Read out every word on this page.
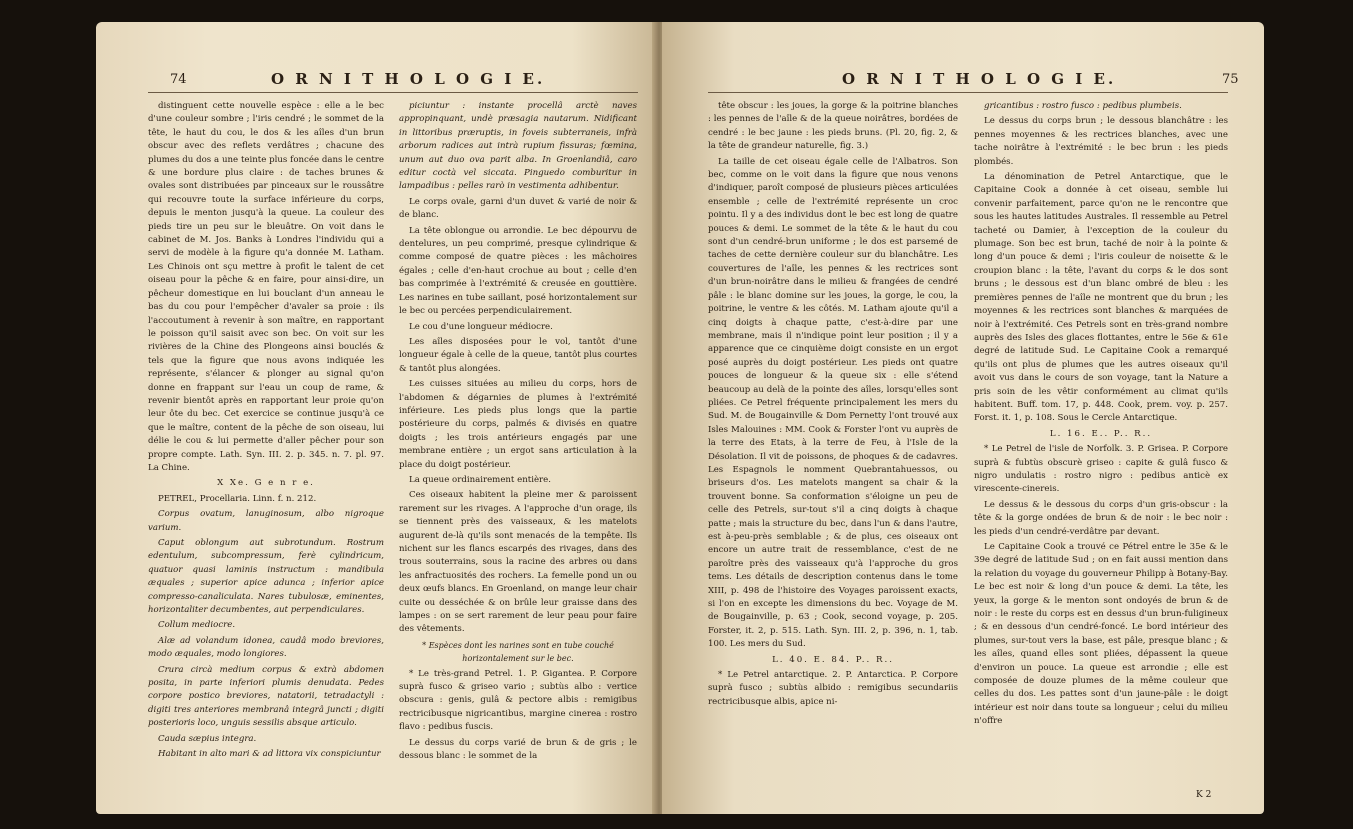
74	O R N I T H O L O G I E.

distinguent cette nouvelle espèce : elle a le bec d'une couleur sombre ; l'iris cendré ; le sommet de la tête, le haut du cou, le dos & les aîles d'un brun obscur avec des reflets verdâtres ; chacune des plumes du dos a une teinte plus foncée dans le centre & une bordure plus claire : de taches brunes & ovales sont distribuées par pinceaux sur le roussâtre qui recouvre toute la surface inférieure du corps, depuis le menton jusqu'à la queue. La couleur des pieds tire un peu sur le bleuâtre. On voit dans le cabinet de M. Jos. Banks à Londres l'individu qui a servi de modèle à la figure qu'a donnée M. Latham. Les Chinois ont sçu mettre à profit le talent de cet oiseau pour la pêche & en faire, pour ainsi-dire, un pêcheur domestique en lui bouclant d'un anneau le bas du cou pour l'empêcher d'avaler sa proie : ils l'accoutument à revenir à son maître, en rapportant le poisson qu'il saisit avec son bec. On voit sur les rivières de la Chine des Plongeons ainsi bouclés & tels que la figure que nous avons indiquée les représente, s'élancer & plonger au signal qu'on donne en frappant sur l'eau un coup de rame, & revenir bientôt après en rapportant leur proie qu'on leur ôte du bec. Cet exercice se continue jusqu'à ce que le maître, content de la pêche de son oiseau, lui délie le cou & lui permette d'aller pêcher pour son propre compte. Lath. Syn. III. 2. p. 345. n. 7. pl. 97. La Chine.

X Xe. G e n r e.

PETREL, Procellaria. Linn. f. n. 212.

Corpus ovatum, lanuginosum, albo nigroque varium.

Caput oblongum aut subrotundum. Rostrum edentulum, subcompressum, ferè cylindricum, quatuor quasi laminis instructum : mandibula æquales ; superior apice adunca ; inferior apice compresso-canaliculata. Nares tubulosæ, eminentes, horizontaliter decumbentes, aut perpendiculares.

Collum mediocre.

Alæ ad volandum idonea, caudâ modo breviores, modo æquales, modo longiores.

Crura circà medium corpus & extrà abdomen posita, in parte inferiori plumis denudata. Pedes corpore postico breviores, natatorii, tetradactyli : digiti tres anteriores membranâ integrâ juncti ; digiti posterioris loco, unguis sessilis absque articulo.

Cauda sæpius integra.

Habitant in alto mari & ad littora vix conspiciuntur

piciuntur : instante procellâ arctè naves appropinquant, undè præsagia nautarum. Nidificant in littoribus præruptis, in foveis subterraneis, infrà arborum radices aut intrà rupium fissuras; fœmina, unum aut duo ova parit alba. In Groenlandiâ, caro editur coctà vel siccata. Pinguedo comburitur in lampadibus : pelles rarò in vestimenta adhibentur.

Le corps ovale, garni d'un duvet & varié de noir & de blanc.

La tête oblongue ou arrondie. Le bec dépourvu de dentelures, un peu comprimé, presque cylindrique & comme composé de quatre pièces : les mâchoires égales ; celle d'en-haut crochue au bout ; celle d'en bas comprimée à l'extrémité & creusée en gouttière. Les narines en tube saillant, posé horizontalement sur le bec ou percées perpendiculairement.

Le cou d'une longueur médiocre.

Les aîles disposées pour le vol, tantôt d'une longueur égale à celle de la queue, tantôt plus courtes & tantôt plus alongées.

Les cuisses situées au milieu du corps, hors de l'abdomen & dégarnies de plumes à l'extrémité inférieure. Les pieds plus longs que la partie postérieure du corps, palmés & divisés en quatre doigts ; les trois antérieurs engagés par une membrane entière ; un ergot sans articulation à la place du doigt postérieur.

La queue ordinairement entière.

Ces oiseaux habitent la pleine mer & paroissent rarement sur les rivages. A l'approche d'un orage, ils se tiennent près des vaisseaux, & les matelots augurent de-là qu'ils sont menacés de la tempête. Ils nichent sur les flancs escarpés des rivages, dans des trous souterrains, sous la racine des arbres ou dans les anfractuosités des rochers. La femelle pond un ou deux œufs blancs. En Groenland, on mange leur chair cuite ou desséchée & on brûle leur graisse dans des lampes : on se sert rarement de leur peau pour faire des vêtements.

* Espèces dont les narines sont en tube couché horizontalement sur le bec.

* Le très-grand Petrel. 1. P. Gigantea. P. Corpore suprà fusco & griseo vario ; subtùs albo : vertice obscura : genis, gulâ & pectore albis : remigibus rectricibusque nigricantibus, margine cinerea : rostro flavo : pedibus fuscis.

Le dessus du corps varié de brun & de gris ; le dessous blanc : le sommet de la

O R N I T H O L O G I E.	75

tête obscur : les joues, la gorge & la poitrine blanches : les pennes de l'aîle & de la queue noirâtres, bordées de cendré : le bec jaune : les pieds bruns. (Pl. 20, fig. 2, & la tête de grandeur naturelle, fig. 3.)

La taille de cet oiseau égale celle de l'Albatros. Son bec, comme on le voit dans la figure que nous venons d'indiquer, paroît composé de plusieurs pièces articulées ensemble ; celle de l'extrémité représente un croc pointu. Il y a des individus dont le bec est long de quatre pouces & demi. Le sommet de la tête & le haut du cou sont d'un cendré-brun uniforme ; le dos est parsemé de taches de cette dernière couleur sur du blanchâtre. Les couvertures de l'aîle, les pennes & les rectrices sont d'un brun-noirâtre dans le milieu & frangées de cendré pâle : le blanc domine sur les joues, la gorge, le cou, la poitrine, le ventre & les côtés. M. Latham ajoute qu'il a cinq doigts à chaque patte, c'est-à-dire par une membrane, mais il n'indique point leur position ; il y a apparence que ce cinquième doigt consiste en un ergot posé auprès du doigt postérieur. Les pieds ont quatre pouces de longueur & la queue six : elle s'étend beaucoup au delà de la pointe des aîles, lorsqu'elles sont pliées. Ce Petrel fréquente principalement les mers du Sud. M. de Bougainville & Dom Pernetty l'ont trouvé aux Isles Malouines : MM. Cook & Forster l'ont vu auprès de la terre des Etats, à la terre de Feu, à l'Isle de la Désolation. Il vit de poissons, de phoques & de cadavres. Les Espagnols le nomment Quebrantahuessos, ou briseurs d'os. Les matelots mangent sa chair & la trouvent bonne. Sa conformation s'éloigne un peu de celle des Petrels, sur-tout s'il a cinq doigts à chaque patte ; mais la structure du bec, dans l'un & dans l'autre, est à-peu-près semblable ; & de plus, ces oiseaux ont encore un autre trait de ressemblance, c'est de ne paroître près des vaisseaux qu'à l'approche du gros tems. Les détails de description contenus dans le tome XIII, p. 498 de l'histoire des Voyages paroissent exacts, si l'on en excepte les dimensions du bec. Voyage de M. de Bougainville, p. 63 ; Cook, second voyage, p. 205. Forster, it. 2, p. 515. Lath. Syn. III. 2, p. 396, n. 1, tab. 100. Les mers du Sud.

L. 40. E. 84. P.. R..

* Le Petrel antarctique. 2. P. Antarctica. P. Corpore suprà fusco ; subtùs albido : remigibus secundariis rectricibusque albis, apice ni-

gricantibus : rostro fusco : pedibus plumbeis.

Le dessus du corps brun ; le dessous blanchâtre : les pennes moyennes & les rectrices blanches, avec une tache noirâtre à l'extrémité : le bec brun : les pieds plombés.

La dénomination de Petrel Antarctique, que le Capitaine Cook a donnée à cet oiseau, semble lui convenir parfaitement, parce qu'on ne le rencontre que sous les hautes latitudes Australes. Il ressemble au Petrel tacheté ou Damier, à l'exception de la couleur du plumage. Son bec est brun, taché de noir à la pointe & long d'un pouce & demi ; l'iris couleur de noisette & le croupion blanc : la tête, l'avant du corps & le dos sont bruns ; le dessous est d'un blanc ombré de bleu : les premières pennes de l'aîle ne montrent que du brun ; les moyennes & les rectrices sont blanches & marquées de noir à l'extrémité. Ces Petrels sont en très-grand nombre auprès des Isles des glaces flottantes, entre le 56e & 61e degré de latitude Sud. Le Capitaine Cook a remarqué qu'ils ont plus de plumes que les autres oiseaux qu'il avoit vus dans le cours de son voyage, tant la Nature a pris soin de les vêtir conformément au climat qu'ils habitent. Buff. tom. 17, p. 448. Cook, prem. voy. p. 257. Forst. it. 1, p. 108. Sous le Cercle Antarctique.

L. 16. E.. P.. R..

* Le Petrel de l'isle de Norfolk. 3. P. Grisea. P. Corpore suprà & fubtùs obscurè griseo : capite & gulâ fusco & nigro undulatis : rostro nigro : pedibus anticè ex virescente-cinereis.

Le dessus & le dessous du corps d'un gris-obscur : la tête & la gorge ondées de brun & de noir : le bec noir : les pieds d'un cendré-verdâtre par devant.

Le Capitaine Cook a trouvé ce Pétrel entre le 35e & le 39e degré de latitude Sud ; on en fait aussi mention dans la relation du voyage du gouverneur Philipp à Botany-Bay. Le bec est noir & long d'un pouce & demi. La tête, les yeux, la gorge & le menton sont ondoyés de brun & de noir : le reste du corps est en dessus d'un brun-fuligineux ; & en dessous d'un cendré-foncé. Le bord intérieur des plumes, sur-tout vers la base, est pâle, presque blanc ; & les aîles, quand elles sont pliées, dépassent la queue d'environ un pouce. La queue est arrondie ; elle est composée de douze plumes de la même couleur que celles du dos. Les pattes sont d'un jaune-pâle : le doigt intérieur est noir dans toute sa longueur ; celui du milieu n'offre

K 2
